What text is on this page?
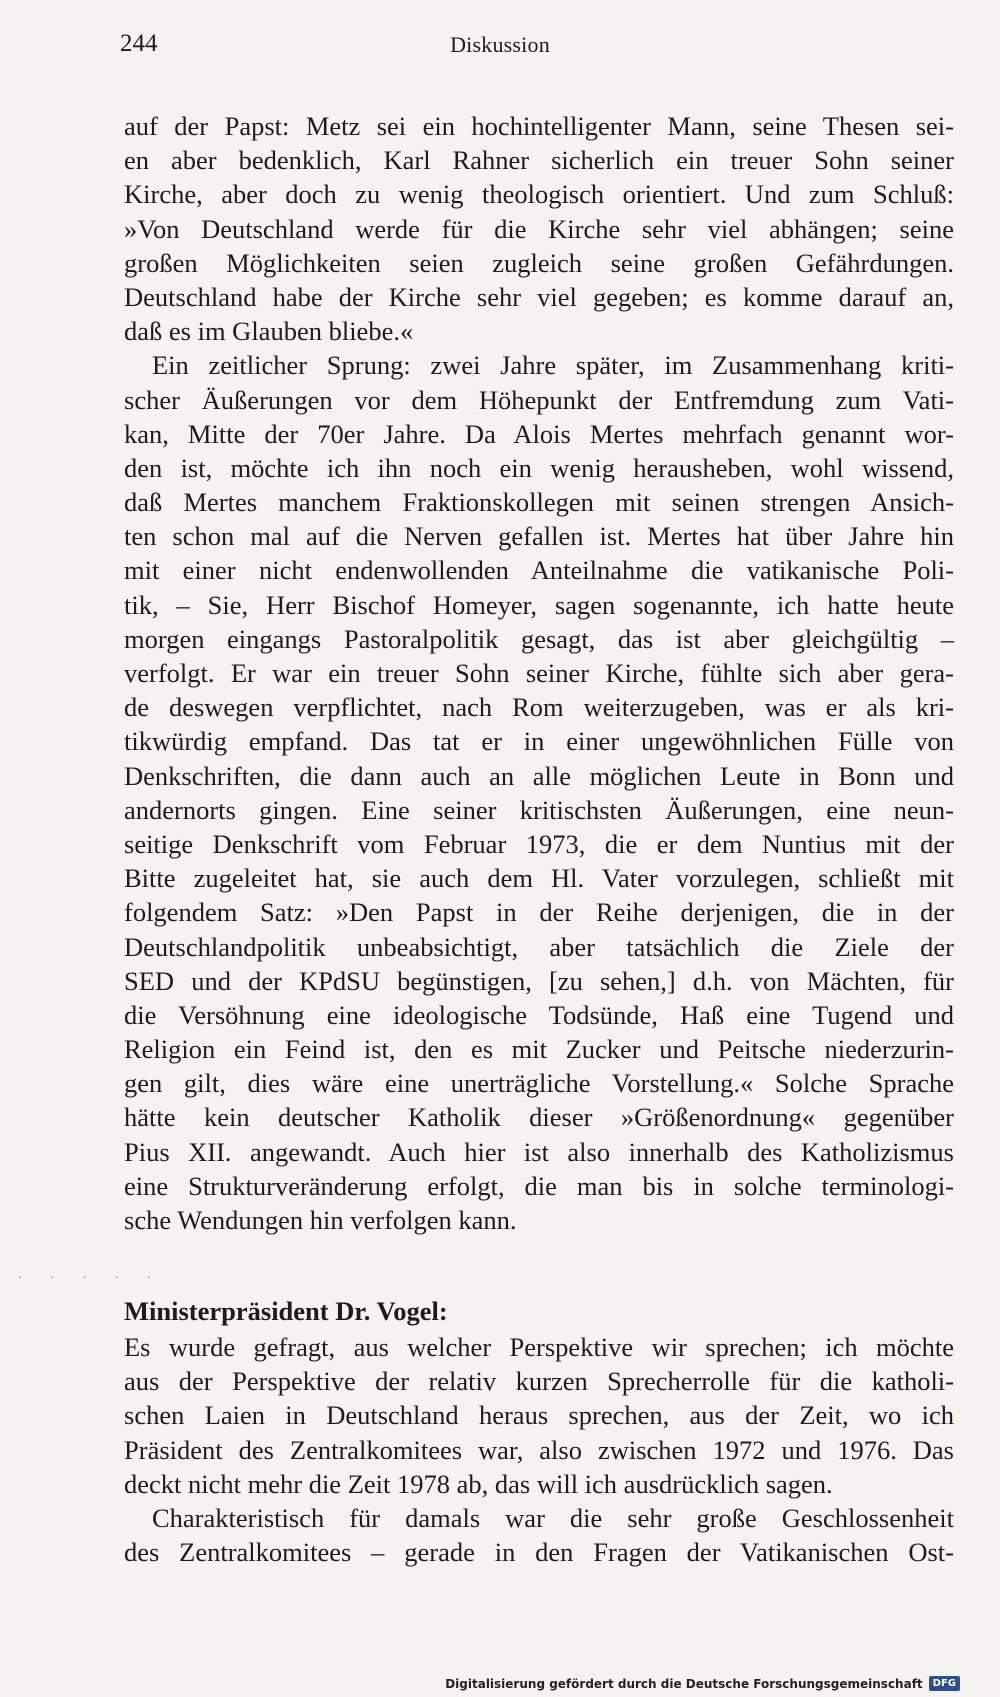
244	Diskussion
auf der Papst: Metz sei ein hochintelligenter Mann, seine Thesen sei-
en aber bedenklich, Karl Rahner sicherlich ein treuer Sohn seiner
Kirche, aber doch zu wenig theologisch orientiert. Und zum Schluß:
»Von Deutschland werde für die Kirche sehr viel abhängen; seine
großen Möglichkeiten seien zugleich seine großen Gefährdungen.
Deutschland habe der Kirche sehr viel gegeben; es komme darauf an,
daß es im Glauben bliebe.«
Ein zeitlicher Sprung: zwei Jahre später, im Zusammenhang kriti-
scher Äußerungen vor dem Höhepunkt der Entfremdung zum Vati-
kan, Mitte der 70er Jahre. Da Alois Mertes mehrfach genannt wor-
den ist, möchte ich ihn noch ein wenig herausheben, wohl wissend,
daß Mertes manchem Fraktionskollegen mit seinen strengen Ansich-
ten schon mal auf die Nerven gefallen ist. Mertes hat über Jahre hin
mit einer nicht endenwollenden Anteilnahme die vatikanische Poli-
tik, – Sie, Herr Bischof Homeyer, sagen sogenannte, ich hatte heute
morgen eingangs Pastoralpolitik gesagt, das ist aber gleichgültig –
verfolgt. Er war ein treuer Sohn seiner Kirche, fühlte sich aber gera-
de deswegen verpflichtet, nach Rom weiterzugeben, was er als kri-
tikwürdig empfand. Das tat er in einer ungewöhnlichen Fülle von
Denkschriften, die dann auch an alle möglichen Leute in Bonn und
andernorts gingen. Eine seiner kritischsten Äußerungen, eine neun-
seitige Denkschrift vom Februar 1973, die er dem Nuntius mit der
Bitte zugeleitet hat, sie auch dem Hl. Vater vorzulegen, schließt mit
folgendem Satz: »Den Papst in der Reihe derjenigen, die in der
Deutschlandpolitik unbeabsichtigt, aber tatsächlich die Ziele der
SED und der KPdSU begünstigen, [zu sehen,] d.h. von Mächten, für
die Versöhnung eine ideologische Todsünde, Haß eine Tugend und
Religion ein Feind ist, den es mit Zucker und Peitsche niederzurin-
gen gilt, dies wäre eine unerträgliche Vorstellung.« Solche Sprache
hätte kein deutscher Katholik dieser »Größenordnung« gegenüber
Pius XII. angewandt. Auch hier ist also innerhalb des Katholizismus
eine Strukturveränderung erfolgt, die man bis in solche terminologi-
sche Wendungen hin verfolgen kann.
· · · · ·
Ministerpräsident Dr. Vogel:
Es wurde gefragt, aus welcher Perspektive wir sprechen; ich möchte
aus der Perspektive der relativ kurzen Sprecherrolle für die katholi-
schen Laien in Deutschland heraus sprechen, aus der Zeit, wo ich
Präsident des Zentralkomitees war, also zwischen 1972 und 1976. Das
deckt nicht mehr die Zeit 1978 ab, das will ich ausdrücklich sagen.
Charakteristisch für damals war die sehr große Geschlossenheit
des Zentralkomitees – gerade in den Fragen der Vatikanischen Ost-
Digitalisierung gefördert durch die Deutsche Forschungsgemeinschaft	DFG
